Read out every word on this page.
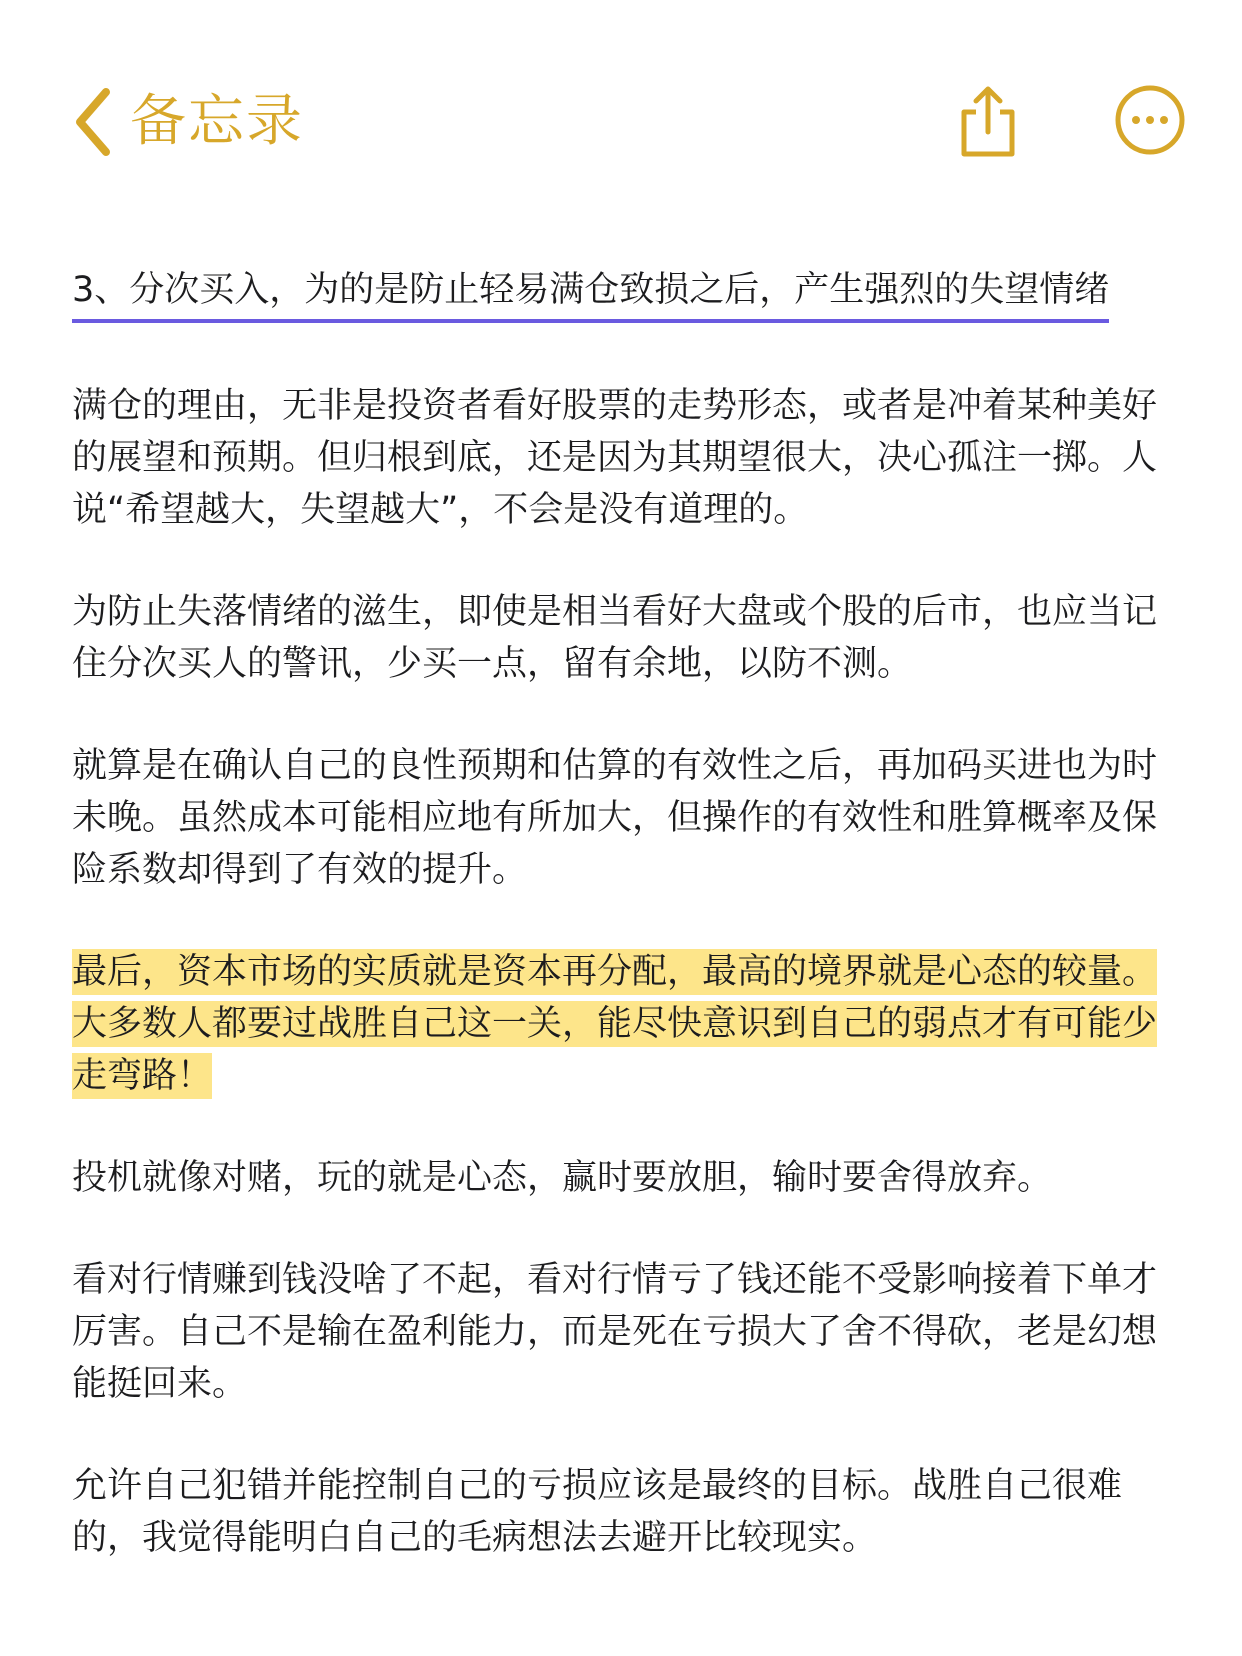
备忘录
3、分次买入，为的是防止轻易满仓致损之后，产生强烈的失望情绪

满仓的理由，无非是投资者看好股票的走势形态，或者是冲着某种美好的展望和预期。但归根到底，还是因为其期望很大，决心孤注一掷。人说“希望越大，失望越大”，不会是没有道理的。

为防止失落情绪的滋生，即使是相当看好大盘或个股的后市，也应当记住分次买人的警讯，少买一点，留有余地，以防不测。

就算是在确认自己的良性预期和估算的有效性之后，再加码买进也为时未晚。虽然成本可能相应地有所加大，但操作的有效性和胜算概率及保险系数却得到了有效的提升。

最后，资本市场的实质就是资本再分配，最高的境界就是心态的较量。大多数人都要过战胜自己这一关，能尽快意识到自己的弱点才有可能少走弯路！

投机就像对赌，玩的就是心态，赢时要放胆，输时要舍得放弃。

看对行情赚到钱没啥了不起，看对行情亏了钱还能不受影响接着下单才厉害。自己不是输在盈利能力，而是死在亏损大了舍不得砍，老是幻想能挺回来。

允许自己犯错并能控制自己的亏损应该是最终的目标。战胜自己很难的，我觉得能明白自己的毛病想法去避开比较现实。
